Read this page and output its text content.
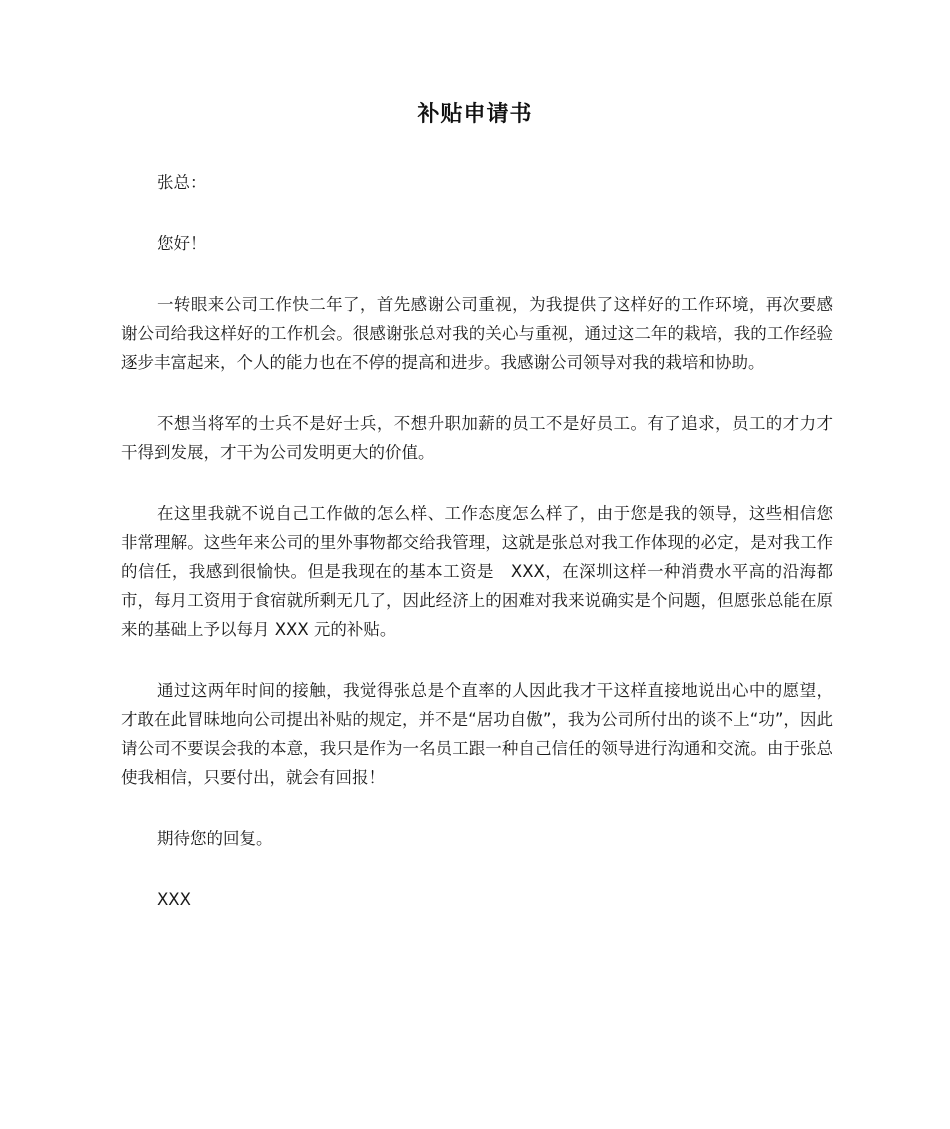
补贴申请书

张总：

您好！

一转眼来公司工作快二年了，首先感谢公司重视，为我提供了这样好的工作环境，再次要感谢公司给我这样好的工作机会。很感谢张总对我的关心与重视，通过这二年的栽培，我的工作经验逐步丰富起来，个人的能力也在不停的提高和进步。我感谢公司领导对我的栽培和协助。

不想当将军的士兵不是好士兵，不想升职加薪的员工不是好员工。有了追求，员工的才力才干得到发展，才干为公司发明更大的价值。

在这里我就不说自己工作做的怎么样、工作态度怎么样了，由于您是我的领导，这些相信您非常理解。这些年来公司的里外事物都交给我管理，这就是张总对我工作体现的必定，是对我工作的信任，我感到很愉快。但是我现在的基本工资是　XXX，在深圳这样一种消费水平高的沿海都市，每月工资用于食宿就所剩无几了，因此经济上的困难对我来说确实是个问题，但愿张总能在原来的基础上予以每月 XXX 元的补贴。

通过这两年时间的接触，我觉得张总是个直率的人因此我才干这样直接地说出心中的愿望，才敢在此冒昧地向公司提出补贴的规定，并不是“居功自傲”，我为公司所付出的谈不上“功”，因此请公司不要误会我的本意，我只是作为一名员工跟一种自己信任的领导进行沟通和交流。由于张总使我相信，只要付出，就会有回报！

期待您的回复。

XXX
